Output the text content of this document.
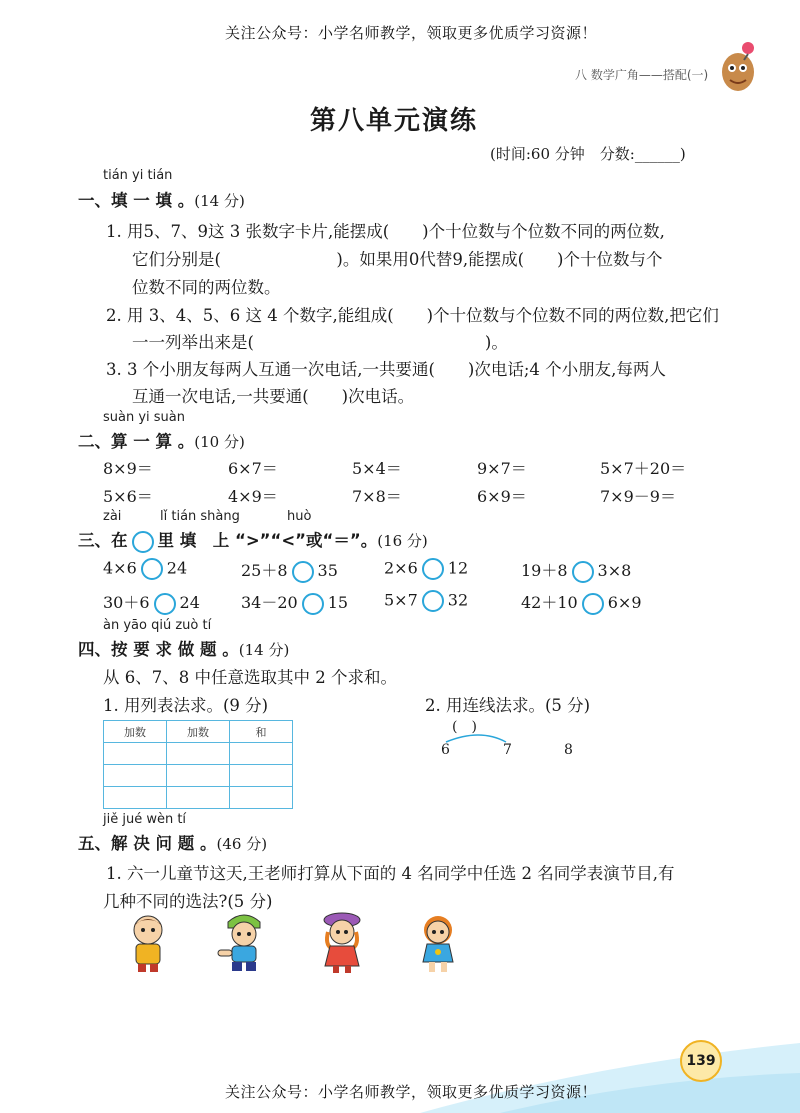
关注公众号：小学名师教学，领取更多优质学习资源！
八 数学广角——搭配(一)
第八单元演练
(时间:60 分钟　分数:______)
tián yi tián
一、填 一 填 。(14 分)
1. 用5、7、9这 3 张数字卡片,能摆成(　　)个十位数与个位数不同的两位数,
它们分别是(　　　　　　　)。如果用0代替9,能摆成(　　)个十位数与个
位数不同的两位数。
2. 用 3、4、5、6 这 4 个数字,能组成(　　)个十位数与个位数不同的两位数,把它们
一一列举出来是(　　　　　　　　　　　　　　)。
3. 3 个小朋友每两人互通一次电话,一共要通(　　)次电话;4 个小朋友,每两人
互通一次电话,一共要通(　　)次电话。
suàn yi suàn
二、算 一 算 。(10 分)
8×9＝	6×7＝	5×4＝	9×7＝	5×7＋20＝
5×6＝	4×9＝	7×8＝	6×9＝	7×9－9＝
zài	lǐ tián shàng	huò
三、在 里 填　上 “>”“<”或“＝”。(16 分)
4×6 24	25＋8 35	2×6 12	19＋8 3×8
30＋6 24	34－20 15 5×7 32	42＋10 6×9
àn yāo qiú zuò tí
四、按 要 求 做 题 。(14 分)
从 6、7、8 中任意选取其中 2 个求和。
1. 用列表法求。(9 分)	2. 用连线法求。(5 分)
加数	加数	和

			(　)
6	7	8
jiě jué wèn tí
五、解 决 问 题 。(46 分)
1. 六一儿童节这天,王老师打算从下面的 4 名同学中任选 2 名同学表演节目,有
几种不同的选法?(5 分)
139
关注公众号：小学名师教学，领取更多优质学习资源！
